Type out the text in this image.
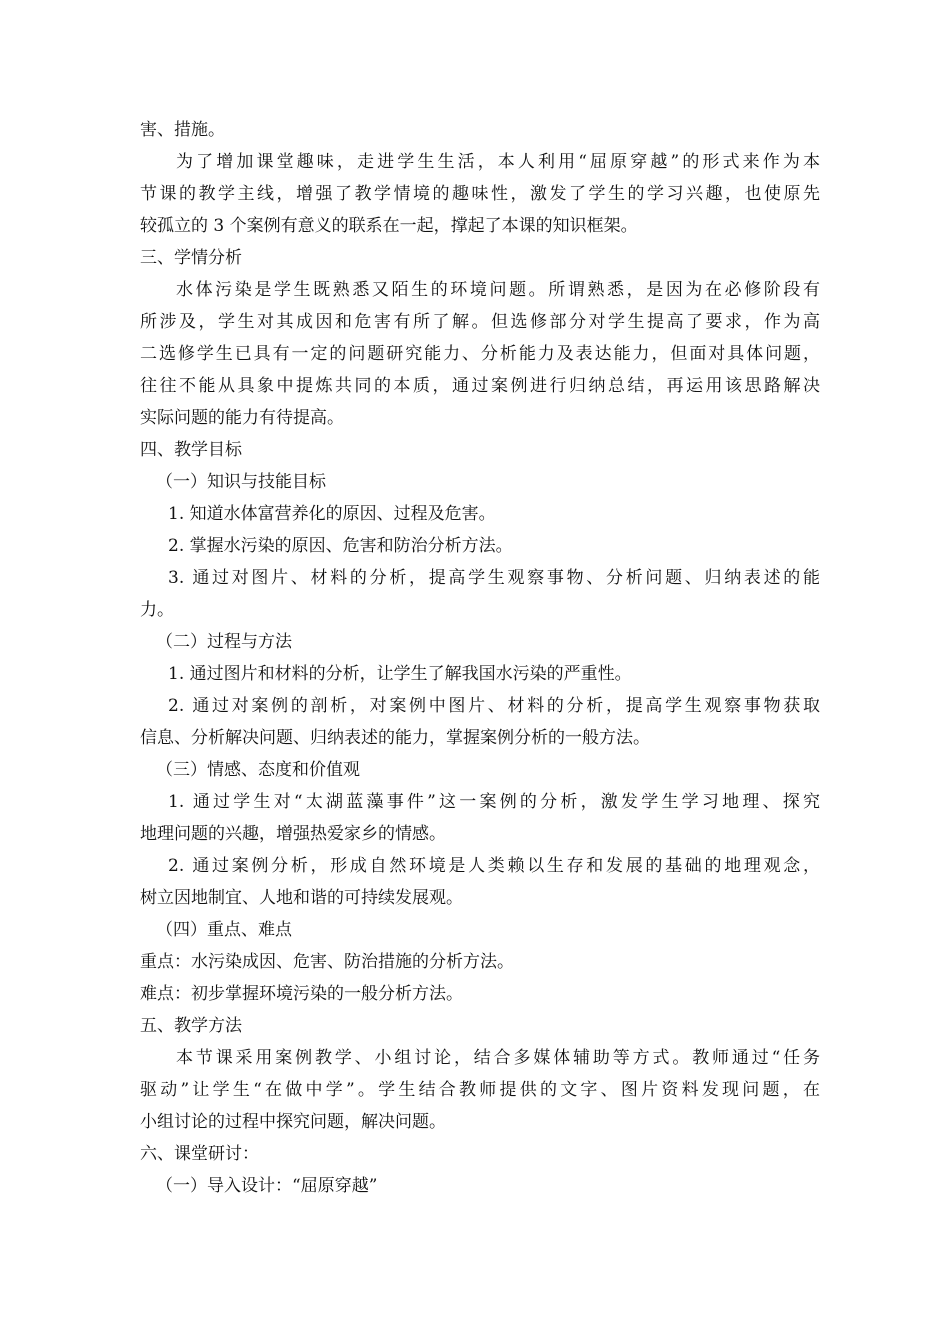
害、措施。
为了增加课堂趣味，走进学生生活，本人利用“屈原穿越”的形式来作为本
节课的教学主线，增强了教学情境的趣味性，激发了学生的学习兴趣，也使原先
较孤立的 3 个案例有意义的联系在一起，撑起了本课的知识框架。
三、学情分析
水体污染是学生既熟悉又陌生的环境问题。所谓熟悉，是因为在必修阶段有
所涉及，学生对其成因和危害有所了解。但选修部分对学生提高了要求，作为高
二选修学生已具有一定的问题研究能力、分析能力及表达能力，但面对具体问题，
往往不能从具象中提炼共同的本质，通过案例进行归纳总结，再运用该思路解决
实际问题的能力有待提高。
四、教学目标
（一）知识与技能目标
1. 知道水体富营养化的原因、过程及危害。
2. 掌握水污染的原因、危害和防治分析方法。
3. 通过对图片、材料的分析，提高学生观察事物、分析问题、归纳表述的能
力。
（二）过程与方法
1. 通过图片和材料的分析，让学生了解我国水污染的严重性。
2. 通过对案例的剖析，对案例中图片、材料的分析，提高学生观察事物获取
信息、分析解决问题、归纳表述的能力，掌握案例分析的一般方法。
（三）情感、态度和价值观
1. 通过学生对“太湖蓝藻事件”这一案例的分析，激发学生学习地理、探究
地理问题的兴趣，增强热爱家乡的情感。
2. 通过案例分析，形成自然环境是人类赖以生存和发展的基础的地理观念，
树立因地制宜、人地和谐的可持续发展观。
（四）重点、难点
重点：水污染成因、危害、防治措施的分析方法。
难点：初步掌握环境污染的一般分析方法。
五、教学方法
本节课采用案例教学、小组讨论，结合多媒体辅助等方式。教师通过“任务
驱动”让学生“在做中学”。学生结合教师提供的文字、图片资料发现问题，在
小组讨论的过程中探究问题，解决问题。
六、课堂研讨：
（一）导入设计：“屈原穿越”
